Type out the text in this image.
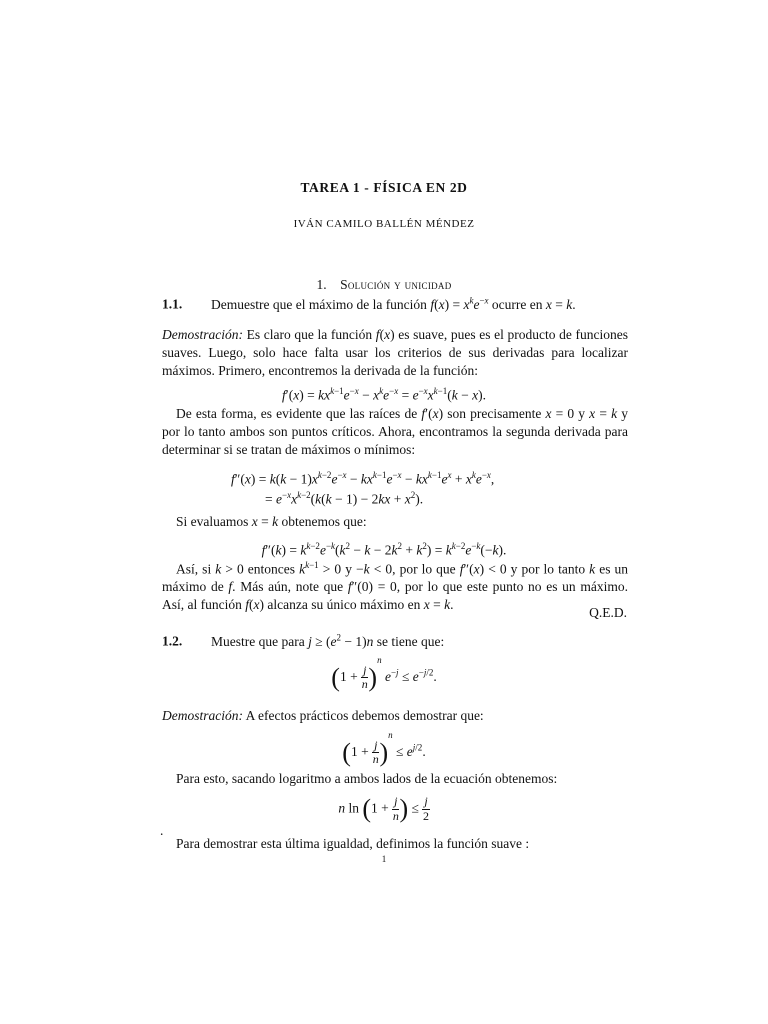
TAREA 1 - FÍSICA EN 2D
IVÁN CAMILO BALLÉN MÉNDEZ
1. Solución y unicidad
1.1. Demuestre que el máximo de la función $f(x) = x^ke^{-x}$ ocurre en x = k.
Demostración: Es claro que la función f(x) es suave, pues es el producto de funciones suaves. Luego, solo hace falta usar los criterios de sus derivadas para localizar máximos. Primero, encontremos la derivada de la función:
$f'(x) = kx^{k-1}e^{-x} - x^ke^{-x} = e^{-x}x^{k-1}(k - x)$.
De esta forma, es evidente que las raíces de f′(x) son precisamente x = 0 y x = k y por lo tanto ambos son puntos críticos. Ahora, encontramos la segunda derivada para determinar si se tratan de máximos o mínimos:
$f''(x) = k(k - 1)x^{k-2}e^{-x} - kx^{k-1}e^{-x} - kx^{k-1}e^x + x^ke^{-x}$,
= $e^{-x}x^{k-2}(k(k - 1) - 2kx + x^2)$.
Si evaluamos x = k obtenemos que:
$f''(k) = k^{k-2}e^{-k}(k^2 - k - 2k^2 + k^2) = k^{k-2}e^{-k}(-k)$.
Así, si k > 0 entonces $k^{k-1} > 0$ y −k < 0, por lo que f″(x) < 0 y por lo tanto k es un máximo de f. Más aún, note que f″(0) = 0, por lo que este punto no es un máximo. Así, al función f(x) alcanza su único máximo en x = k.
Q.E.D.
1.2. Muestre que para $j \ge (e^2 - 1)n$ se tiene que:
$(1 + \frac{j}{n} )^n$ $e^{-j} \le e^{-j/2}$.
Demostración: A efectos prácticos debemos demostrar que:
$(1 + \frac{j}{n} )^n \le e^{j/2}$.
Para esto, sacando logaritmo a ambos lados de la ecuación obtenemos:
n $\ln (1 + \frac{j}{n}$ ) ≤ $\frac{j}{2}$
.
Para demostrar esta última igualdad, definimos la función suave :
1
